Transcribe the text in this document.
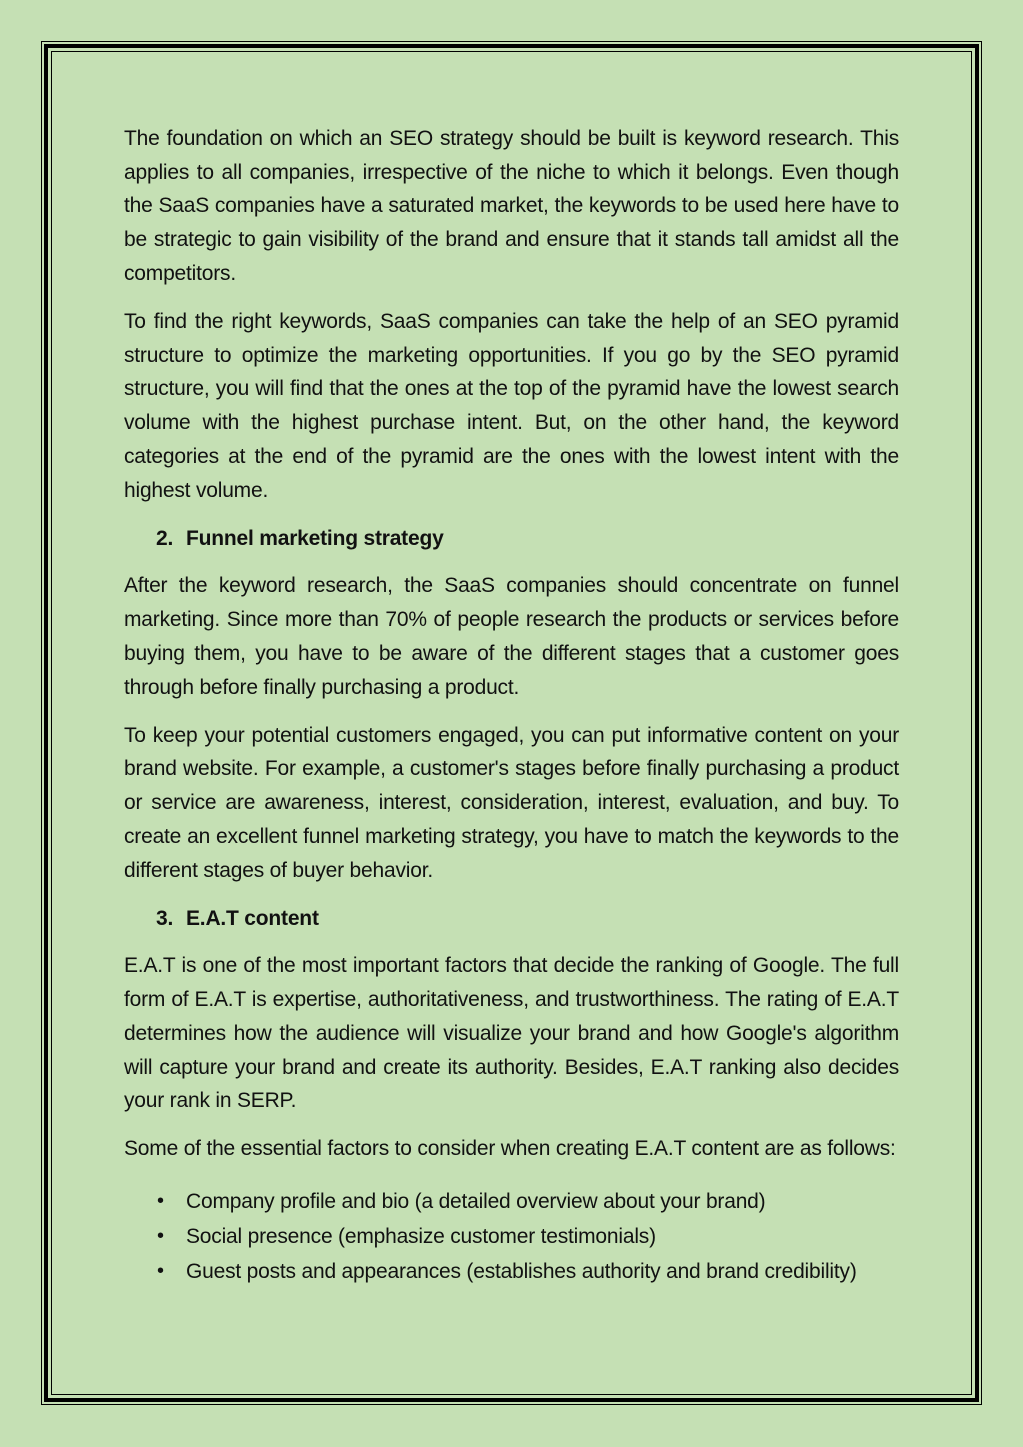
The foundation on which an SEO strategy should be built is keyword research. This applies to all companies, irrespective of the niche to which it belongs. Even though the SaaS companies have a saturated market, the keywords to be used here have to be strategic to gain visibility of the brand and ensure that it stands tall amidst all the competitors.

To find the right keywords, SaaS companies can take the help of an SEO pyramid structure to optimize the marketing opportunities. If you go by the SEO pyramid structure, you will find that the ones at the top of the pyramid have the lowest search volume with the highest purchase intent. But, on the other hand, the keyword categories at the end of the pyramid are the ones with the lowest intent with the highest volume.

2. Funnel marketing strategy

After the keyword research, the SaaS companies should concentrate on funnel marketing. Since more than 70% of people research the products or services before buying them, you have to be aware of the different stages that a customer goes through before finally purchasing a product.

To keep your potential customers engaged, you can put informative content on your brand website. For example, a customer's stages before finally purchasing a product or service are awareness, interest, consideration, interest, evaluation, and buy. To create an excellent funnel marketing strategy, you have to match the keywords to the different stages of buyer behavior.

3. E.A.T content

E.A.T is one of the most important factors that decide the ranking of Google. The full form of E.A.T is expertise, authoritativeness, and trustworthiness. The rating of E.A.T determines how the audience will visualize your brand and how Google's algorithm will capture your brand and create its authority. Besides, E.A.T ranking also decides your rank in SERP.

Some of the essential factors to consider when creating E.A.T content are as follows:

• Company profile and bio (a detailed overview about your brand)
• Social presence (emphasize customer testimonials)
• Guest posts and appearances (establishes authority and brand credibility)
